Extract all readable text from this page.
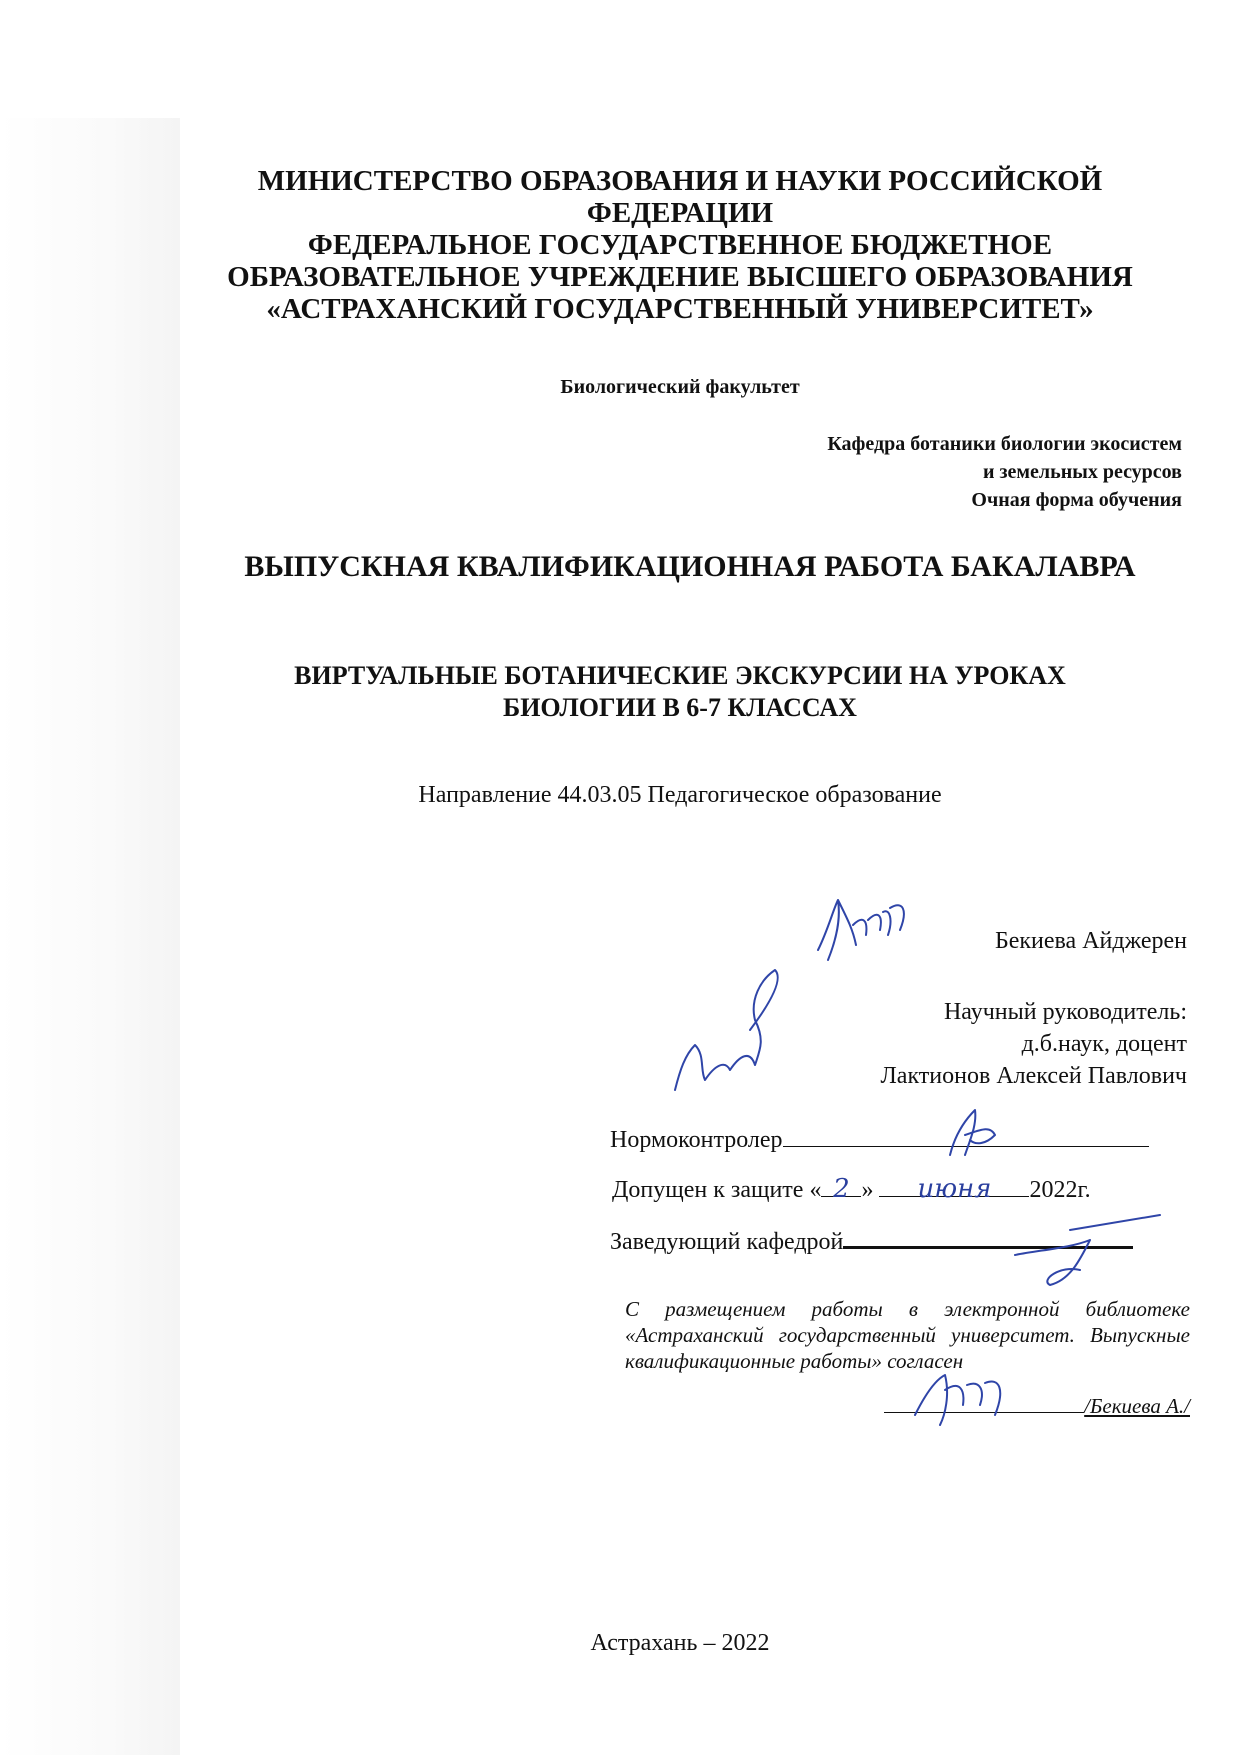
МИНИСТЕРСТВО ОБРАЗОВАНИЯ И НАУКИ РОССИЙСКОЙ
ФЕДЕРАЦИИ
ФЕДЕРАЛЬНОЕ ГОСУДАРСТВЕННОЕ БЮДЖЕТНОЕ
ОБРАЗОВАТЕЛЬНОЕ УЧРЕЖДЕНИЕ ВЫСШЕГО ОБРАЗОВАНИЯ
«АСТРАХАНСКИЙ ГОСУДАРСТВЕННЫЙ УНИВЕРСИТЕТ»
Биологический факультет
Кафедра ботаники биологии экосистем
и земельных ресурсов
Очная форма обучения
ВЫПУСКНАЯ КВАЛИФИКАЦИОННАЯ РАБОТА БАКАЛАВРА
ВИРТУАЛЬНЫЕ БОТАНИЧЕСКИЕ ЭКСКУРСИИ НА УРОКАХ
БИОЛОГИИ В 6-7 КЛАССАХ
Направление 44.03.05 Педагогическое образование
Бекиева Айджерен
Научный руководитель:
д.б.наук, доцент
Лактионов Алексей Павлович
Нормоконтролер
Допущен к защите « 2 » июня 2022г.
Заведующий кафедрой
С размещением работы в электронной библиотеке «Астраханский государственный университет. Выпускные квалификационные работы» согласен
/Бекиева А./
Астрахань – 2022
